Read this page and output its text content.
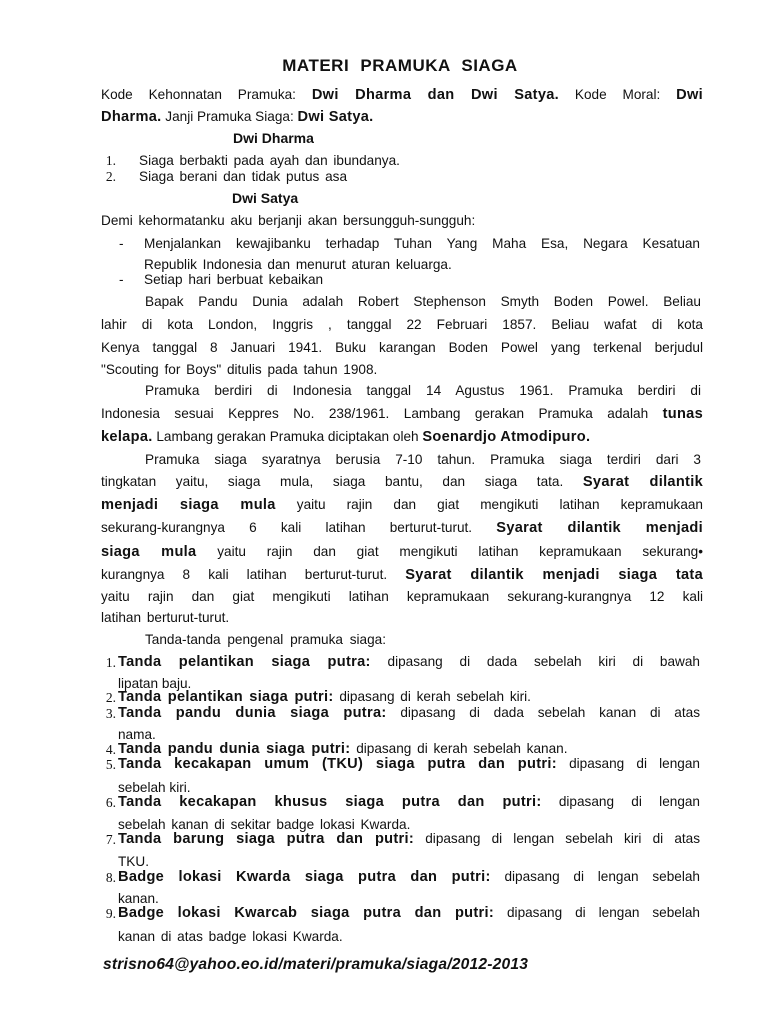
MATERI PRAMUKA SIAGA
Kode Kehonnatan Pramuka: Dwi Dharma dan Dwi Satya. Kode Moral: Dwi
Dharma. Janji Pramuka Siaga: Dwi Satya.
Dwi Dharma
1. Siaga berbakti pada ayah dan ibundanya.
2. Siaga berani dan tidak putus asa
Dwi Satya
Demi kehormatanku aku berjanji akan bersungguh-sungguh:
-	Menjalankan kewajibanku terhadap Tuhan Yang Maha Esa, Negara Kesatuan
Republik Indonesia dan menurut aturan keluarga.
-	Setiap hari berbuat kebaikan
Bapak Pandu Dunia adalah Robert Stephenson Smyth Boden Powel. Beliau
lahir di kota London, Inggris , tanggal 22 Februari 1857. Beliau wafat di kota
Kenya tanggal 8 Januari 1941. Buku karangan Boden Powel yang terkenal berjudul
"Scouting for Boys" ditulis pada tahun 1908.
Pramuka berdiri di Indonesia tanggal 14 Agustus 1961. Pramuka berdiri di
Indonesia sesuai Keppres No. 238/1961. Lambang gerakan Pramuka adalah tunas
kelapa. Lambang gerakan Pramuka diciptakan oleh Soenardjo Atmodipuro.
Pramuka siaga syaratnya berusia 7-10 tahun. Pramuka siaga terdiri dari 3
tingkatan yaitu, siaga mula, siaga bantu, dan siaga tata. Syarat dilantik
menjadi siaga mula yaitu rajin dan giat mengikuti latihan kepramukaan
sekurang-kurangnya 6 kali latihan berturut-turut. Syarat dilantik menjadi
siaga mula yaitu rajin dan giat mengikuti latihan kepramukaan sekurang•
kurangnya 8 kali latihan berturut-turut. Syarat dilantik menjadi siaga tata
yaitu rajin dan giat mengikuti latihan kepramukaan sekurang-kurangnya 12 kali
latihan berturut-turut.
Tanda-tanda pengenal pramuka siaga:
1. Tanda pelantikan siaga putra: dipasang di dada sebelah kiri di bawah
lipatan baju.
2. Tanda pelantikan siaga putri: dipasang di kerah sebelah kiri.
3. Tanda pandu dunia siaga putra: dipasang di dada sebelah kanan di atas
nama.
4. Tanda pandu dunia siaga putri: dipasang di kerah sebelah kanan.
5. Tanda kecakapan umum (TKU) siaga putra dan putri: dipasang di lengan
sebelah kiri.
6. Tanda kecakapan khusus siaga putra dan putri: dipasang di lengan
sebelah kanan di sekitar badge lokasi Kwarda.
7. Tanda barung siaga putra dan putri: dipasang di lengan sebelah kiri di atas
TKU.
8. Badge lokasi Kwarda siaga putra dan putri: dipasang di lengan sebelah
kanan.
9. Badge lokasi Kwarcab siaga putra dan putri: dipasang di lengan sebelah
kanan di atas badge lokasi Kwarda.
strisno64@yahoo.eo.id/materi/pramuka/siaga/2012-2013
